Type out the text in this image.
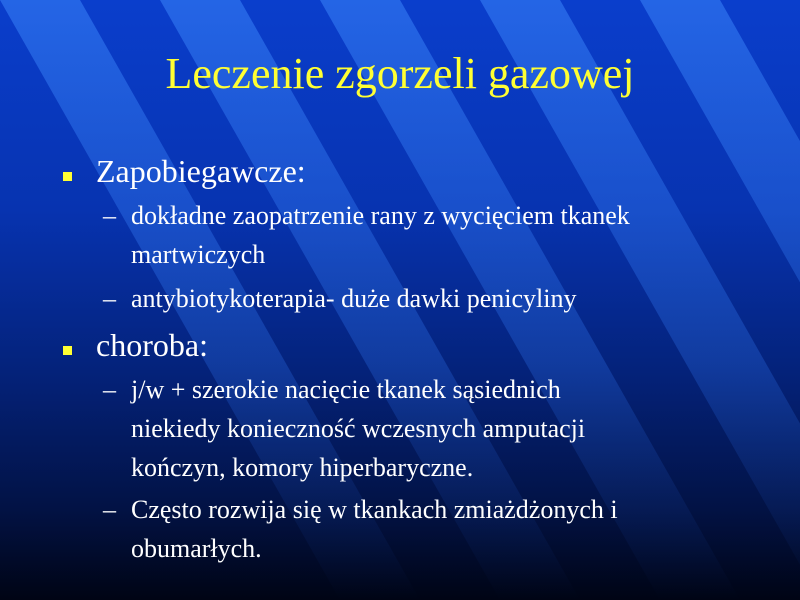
Leczenie zgorzeli gazowej
Zapobiegawcze:
– dokładne zaopatrzenie rany z wycięciem tkanek
martwiczych
– antybiotykoterapia- duże dawki penicyliny
choroba:
– j/w + szerokie nacięcie tkanek sąsiednich
niekiedy konieczność wczesnych amputacji
kończyn, komory hiperbaryczne.
– Często rozwija się w tkankach zmiażdżonych i
obumarłych.
